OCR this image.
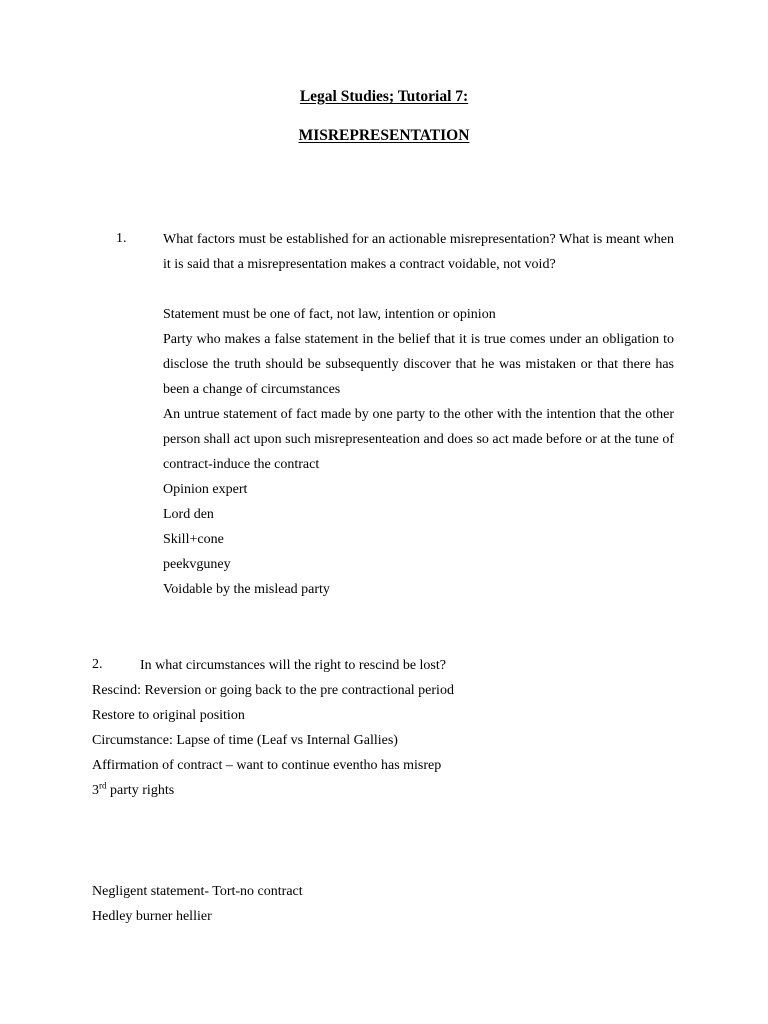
Legal Studies; Tutorial 7:
MISREPRESENTATION
1.	What factors must be established for an actionable misrepresentation? What is meant when it is said that a misrepresentation makes a contract voidable, not void?
Statement must be one of fact, not law, intention or opinion
Party who makes a false statement in the belief that it is true comes under an obligation to disclose the truth should be subsequently discover that he was mistaken or that there has been a change of circumstances
An untrue statement of fact made by one party to the other with the intention that the other person shall act upon such misrepresenteation and does so act made before or at the tune of contract-induce the contract
Opinion expert
Lord den
Skill+cone
peekvguney
Voidable by the mislead party
2.	In what circumstances will the right to rescind be lost?
Rescind: Reversion or going back to the pre contractional period
Restore to original position
Circumstance: Lapse of time (Leaf vs Internal Gallies)
Affirmation of contract – want to continue eventho has misrep
3rd party rights
Negligent statement- Tort-no contract
Hedley burner hellier
